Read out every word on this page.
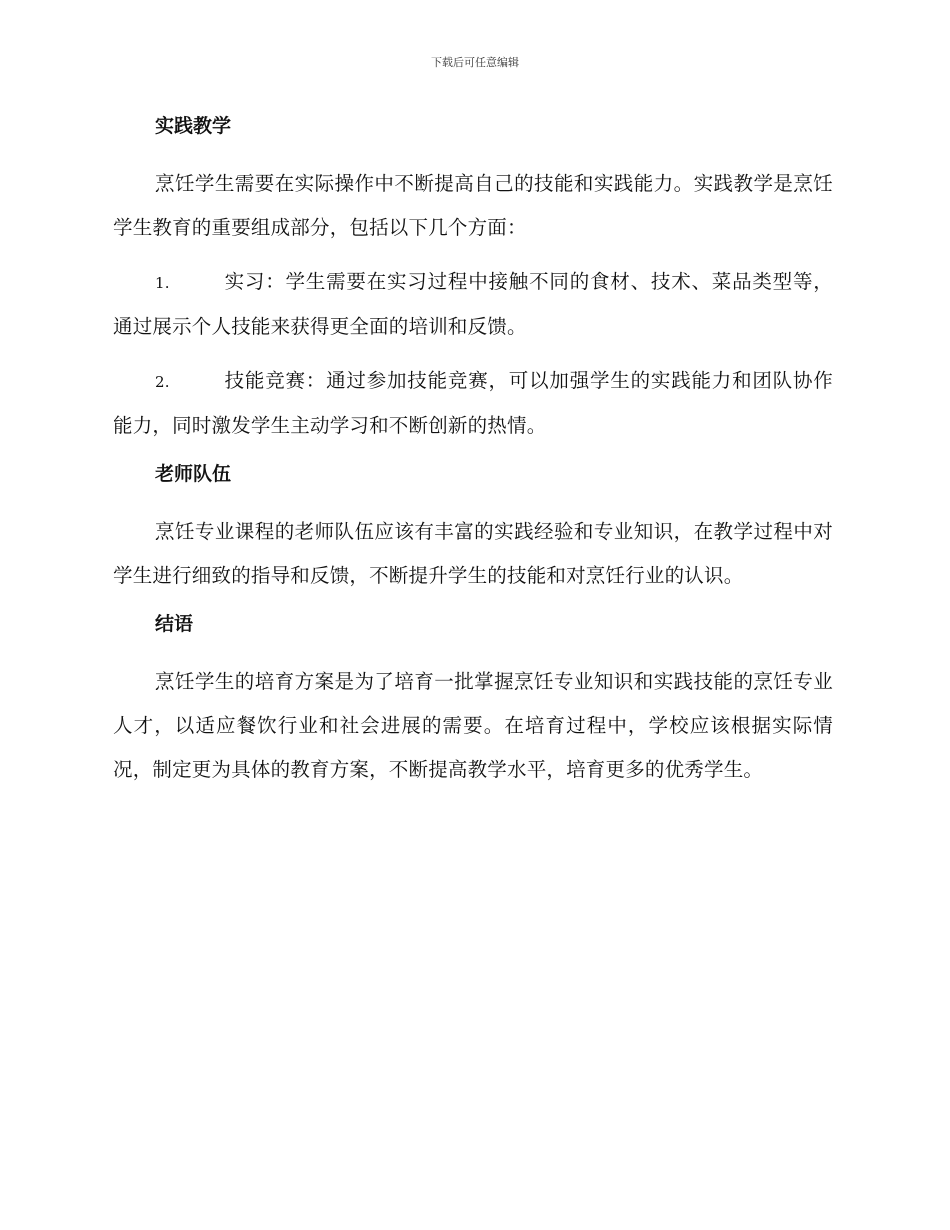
下载后可任意编辑
实践教学

烹饪学生需要在实际操作中不断提高自己的技能和实践能力。实践教学是烹饪学生教育的重要组成部分，包括以下几个方面：

1.	实习：学生需要在实习过程中接触不同的食材、技术、菜品类型等，通过展示个人技能来获得更全面的培训和反馈。

2.	技能竞赛：通过参加技能竞赛，可以加强学生的实践能力和团队协作能力，同时激发学生主动学习和不断创新的热情。

老师队伍

烹饪专业课程的老师队伍应该有丰富的实践经验和专业知识，在教学过程中对学生进行细致的指导和反馈，不断提升学生的技能和对烹饪行业的认识。

结语

烹饪学生的培育方案是为了培育一批掌握烹饪专业知识和实践技能的烹饪专业人才，以适应餐饮行业和社会进展的需要。在培育过程中，学校应该根据实际情况，制定更为具体的教育方案，不断提高教学水平，培育更多的优秀学生。
